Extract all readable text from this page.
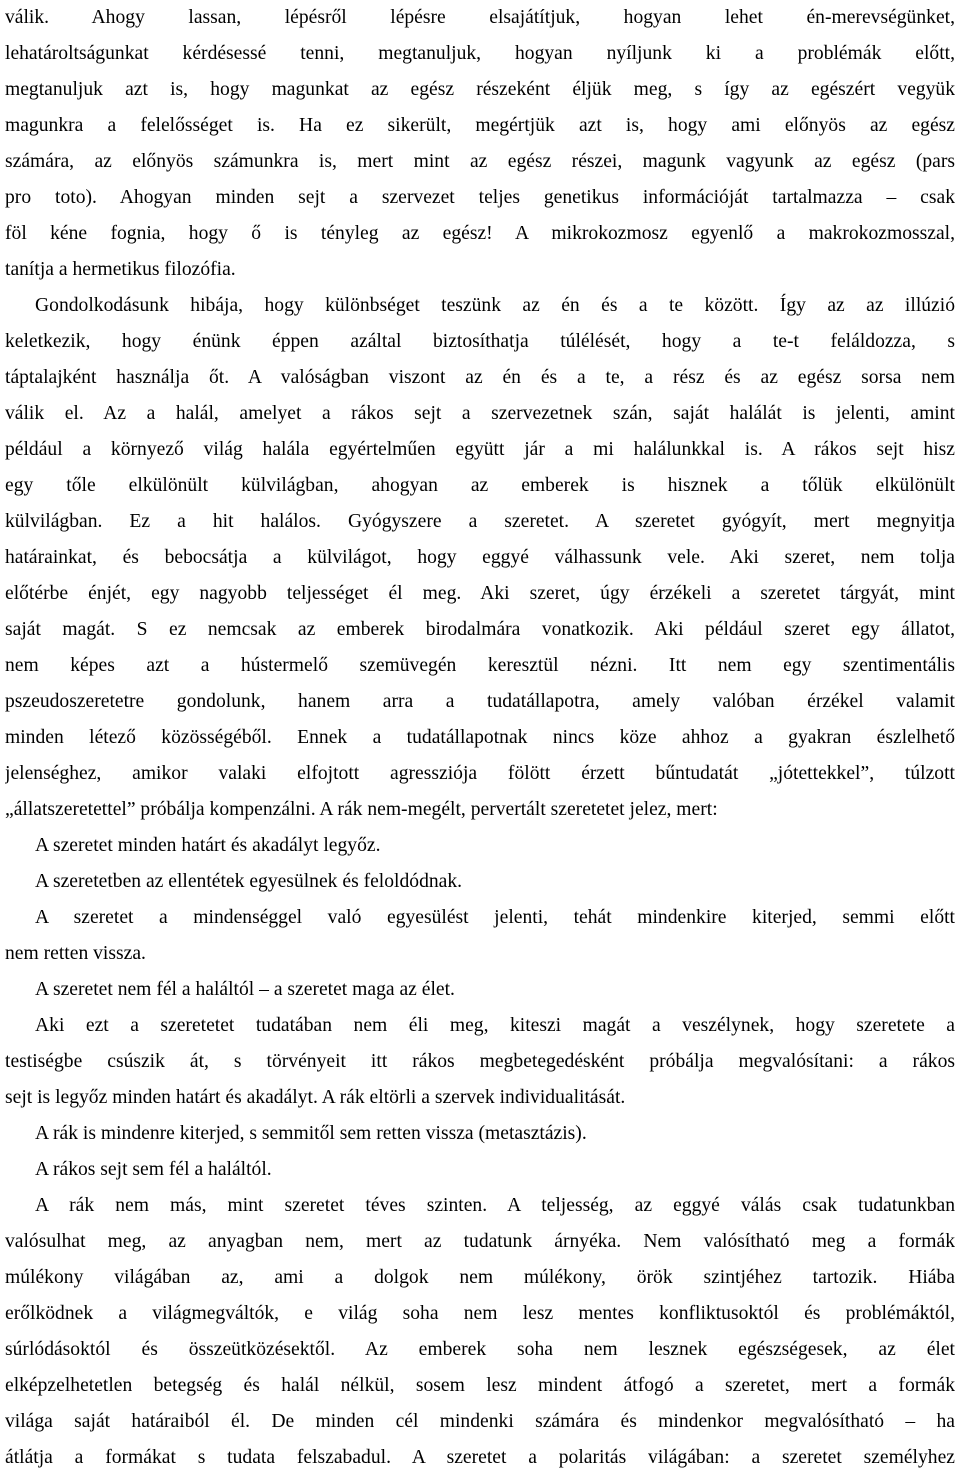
válik. Ahogy lassan, lépésről lépésre elsajátítjuk, hogyan lehet én-merevségünket,
lehatároltságunkat kérdésessé tenni, megtanuljuk, hogyan nyíljunk ki a problémák előtt,
megtanuljuk azt is, hogy magunkat az egész részeként éljük meg, s így az egészért vegyük
magunkra a felelősséget is. Ha ez sikerült, megértjük azt is, hogy ami előnyös az egész
számára, az előnyös számunkra is, mert mint az egész részei, magunk vagyunk az egész (pars
pro toto). Ahogyan minden sejt a szervezet teljes genetikus információját tartalmazza – csak
föl kéne fognia, hogy ő is tényleg az egész! A mikrokozmosz egyenlő a makrokozmosszal,
tanítja a hermetikus filozófia.
Gondolkodásunk hibája, hogy különbséget teszünk az én és a te között. Így az az illúzió
keletkezik, hogy énünk éppen azáltal biztosíthatja túlélését, hogy a te-t feláldozza, s
táptalajként használja őt. A valóságban viszont az én és a te, a rész és az egész sorsa nem
válik el. Az a halál, amelyet a rákos sejt a szervezetnek szán, saját halálát is jelenti, amint
például a környező világ halála egyértelműen együtt jár a mi halálunkkal is. A rákos sejt hisz
egy tőle elkülönült külvilágban, ahogyan az emberek is hisznek a tőlük elkülönült
külvilágban. Ez a hit halálos. Gyógyszere a szeretet. A szeretet gyógyít, mert megnyitja
határainkat, és bebocsátja a külvilágot, hogy eggyé válhassunk vele. Aki szeret, nem tolja
előtérbe énjét, egy nagyobb teljességet él meg. Aki szeret, úgy érzékeli a szeretet tárgyát, mint
saját magát. S ez nemcsak az emberek birodalmára vonatkozik. Aki például szeret egy állatot,
nem képes azt a hústermelő szemüvegén keresztül nézni. Itt nem egy szentimentális
pszeudoszeretetre gondolunk, hanem arra a tudatállapotra, amely valóban érzékel valamit
minden létező közösségéből. Ennek a tudatállapotnak nincs köze ahhoz a gyakran észlelhető
jelenséghez, amikor valaki elfojtott agressziója fölött érzett bűntudatát „jótettekkel”, túlzott
„állatszeretettel” próbálja kompenzálni. A rák nem-megélt, pervertált szeretetet jelez, mert:
A szeretet minden határt és akadályt legyőz.
A szeretetben az ellentétek egyesülnek és feloldódnak.
A szeretet a mindenséggel való egyesülést jelenti, tehát mindenkire kiterjed, semmi előtt
nem retten vissza.
A szeretet nem fél a haláltól – a szeretet maga az élet.
Aki ezt a szeretetet tudatában nem éli meg, kiteszi magát a veszélynek, hogy szeretete a
testiségbe csúszik át, s törvényeit itt rákos megbetegedésként próbálja megvalósítani: a rákos
sejt is legyőz minden határt és akadályt. A rák eltörli a szervek individualitását.
A rák is mindenre kiterjed, s semmitől sem retten vissza (metasztázis).
A rákos sejt sem fél a haláltól.
A rák nem más, mint szeretet téves szinten. A teljesség, az eggyé válás csak tudatunkban
valósulhat meg, az anyagban nem, mert az tudatunk árnyéka. Nem valósítható meg a formák
múlékony világában az, ami a dolgok nem múlékony, örök szintjéhez tartozik. Hiába
erőlködnek a világmegváltók, e világ soha nem lesz mentes konfliktusoktól és problémáktól,
súrlódásoktól és összeütközésektől. Az emberek soha nem lesznek egészségesek, az élet
elképzelhetetlen betegség és halál nélkül, sosem lesz mindent átfogó a szeretet, mert a formák
világa saját határaiból él. De minden cél mindenki számára és mindenkor megvalósítható – ha
átlátja a formákat s tudata felszabadul. A szeretet a polaritás világában: a szeretet személyhez
